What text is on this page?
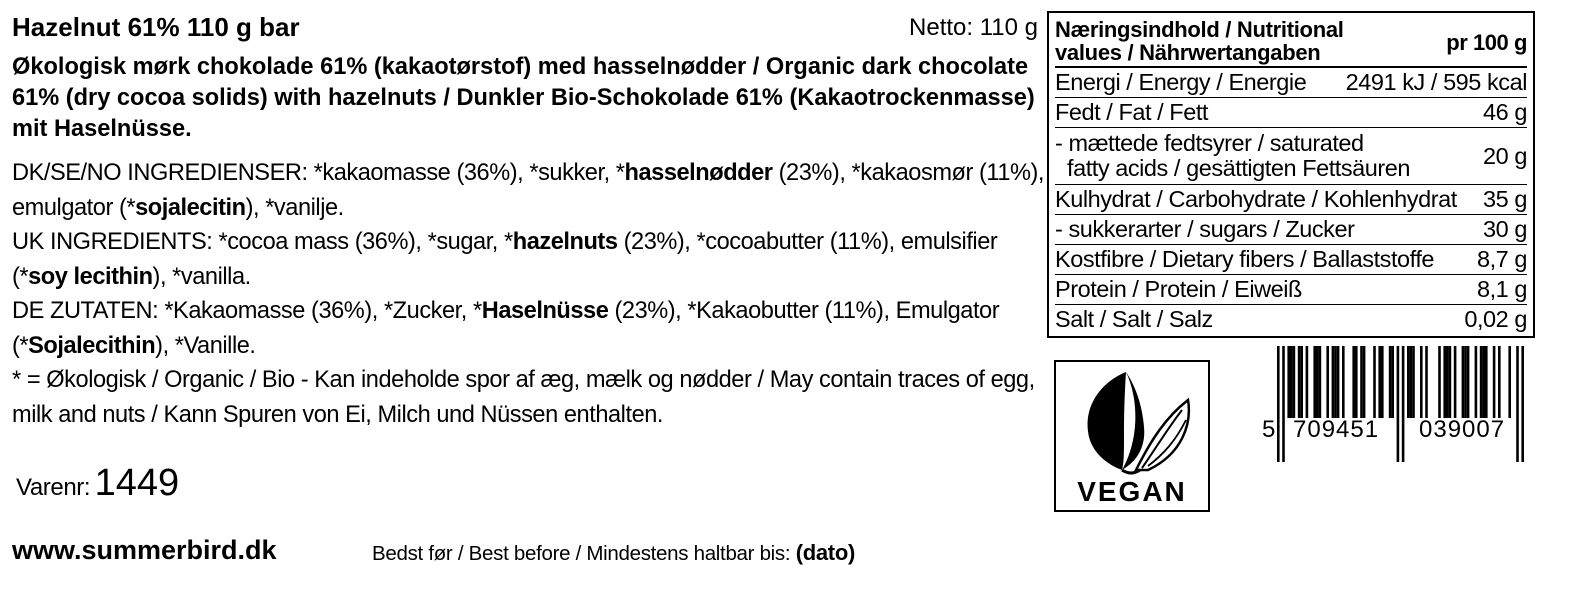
Hazelnut 61% 110 g bar	Netto: 110 g
Økologisk mørk chokolade 61% (kakaotørstof) med hasselnødder / Organic dark chocolate 61% (dry cocoa solids) with hazelnuts / Dunkler Bio-Schokolade 61% (Kakaotrockenmasse) mit Haselnüsse.

DK/SE/NO INGREDIENSER: *kakaomasse (36%), *sukker, *hasselnødder (23%), *kakaosmør (11%), emulgator (*sojalecitin), *vanilje.

UK INGREDIENTS: *cocoa mass (36%), *sugar, *hazelnuts (23%), *cocoabutter (11%), emulsifier (*soy lecithin), *vanilla.

DE ZUTATEN: *Kakaomasse (36%), *Zucker, *Haselnüsse (23%), *Kakaobutter (11%), Emulgator (*Sojalecithin), *Vanille.

* = Økologisk / Organic / Bio - Kan indeholde spor af æg, mælk og nødder / May contain traces of egg, milk and nuts / Kann Spuren von Ei, Milch und Nüssen enthalten.

Varenr: 1449
www.summerbird.dk	Bedst før / Best before / Mindestens haltbar bis: (dato)
Næringsindhold / Nutritional
values / Nährwertangaben	pr 100 g
Energi / Energy / Energie 2491 kJ / 595 kcal
Fedt / Fat / Fett	46 g
- mættede fedtsyrer / saturated
fatty acids / gesättigten Fettsäuren	20 g
Kulhydrat / Carbohydrate / Kohlenhydrat 35 g
- sukkerarter / sugars / Zucker	30 g
Kostfibre / Dietary fibers / Ballaststoffe 8,7 g
Protein / Protein / Eiweiß	8,1 g
Salt / Salt / Salz	0,02 g
VEGAN
5 709451 039007
